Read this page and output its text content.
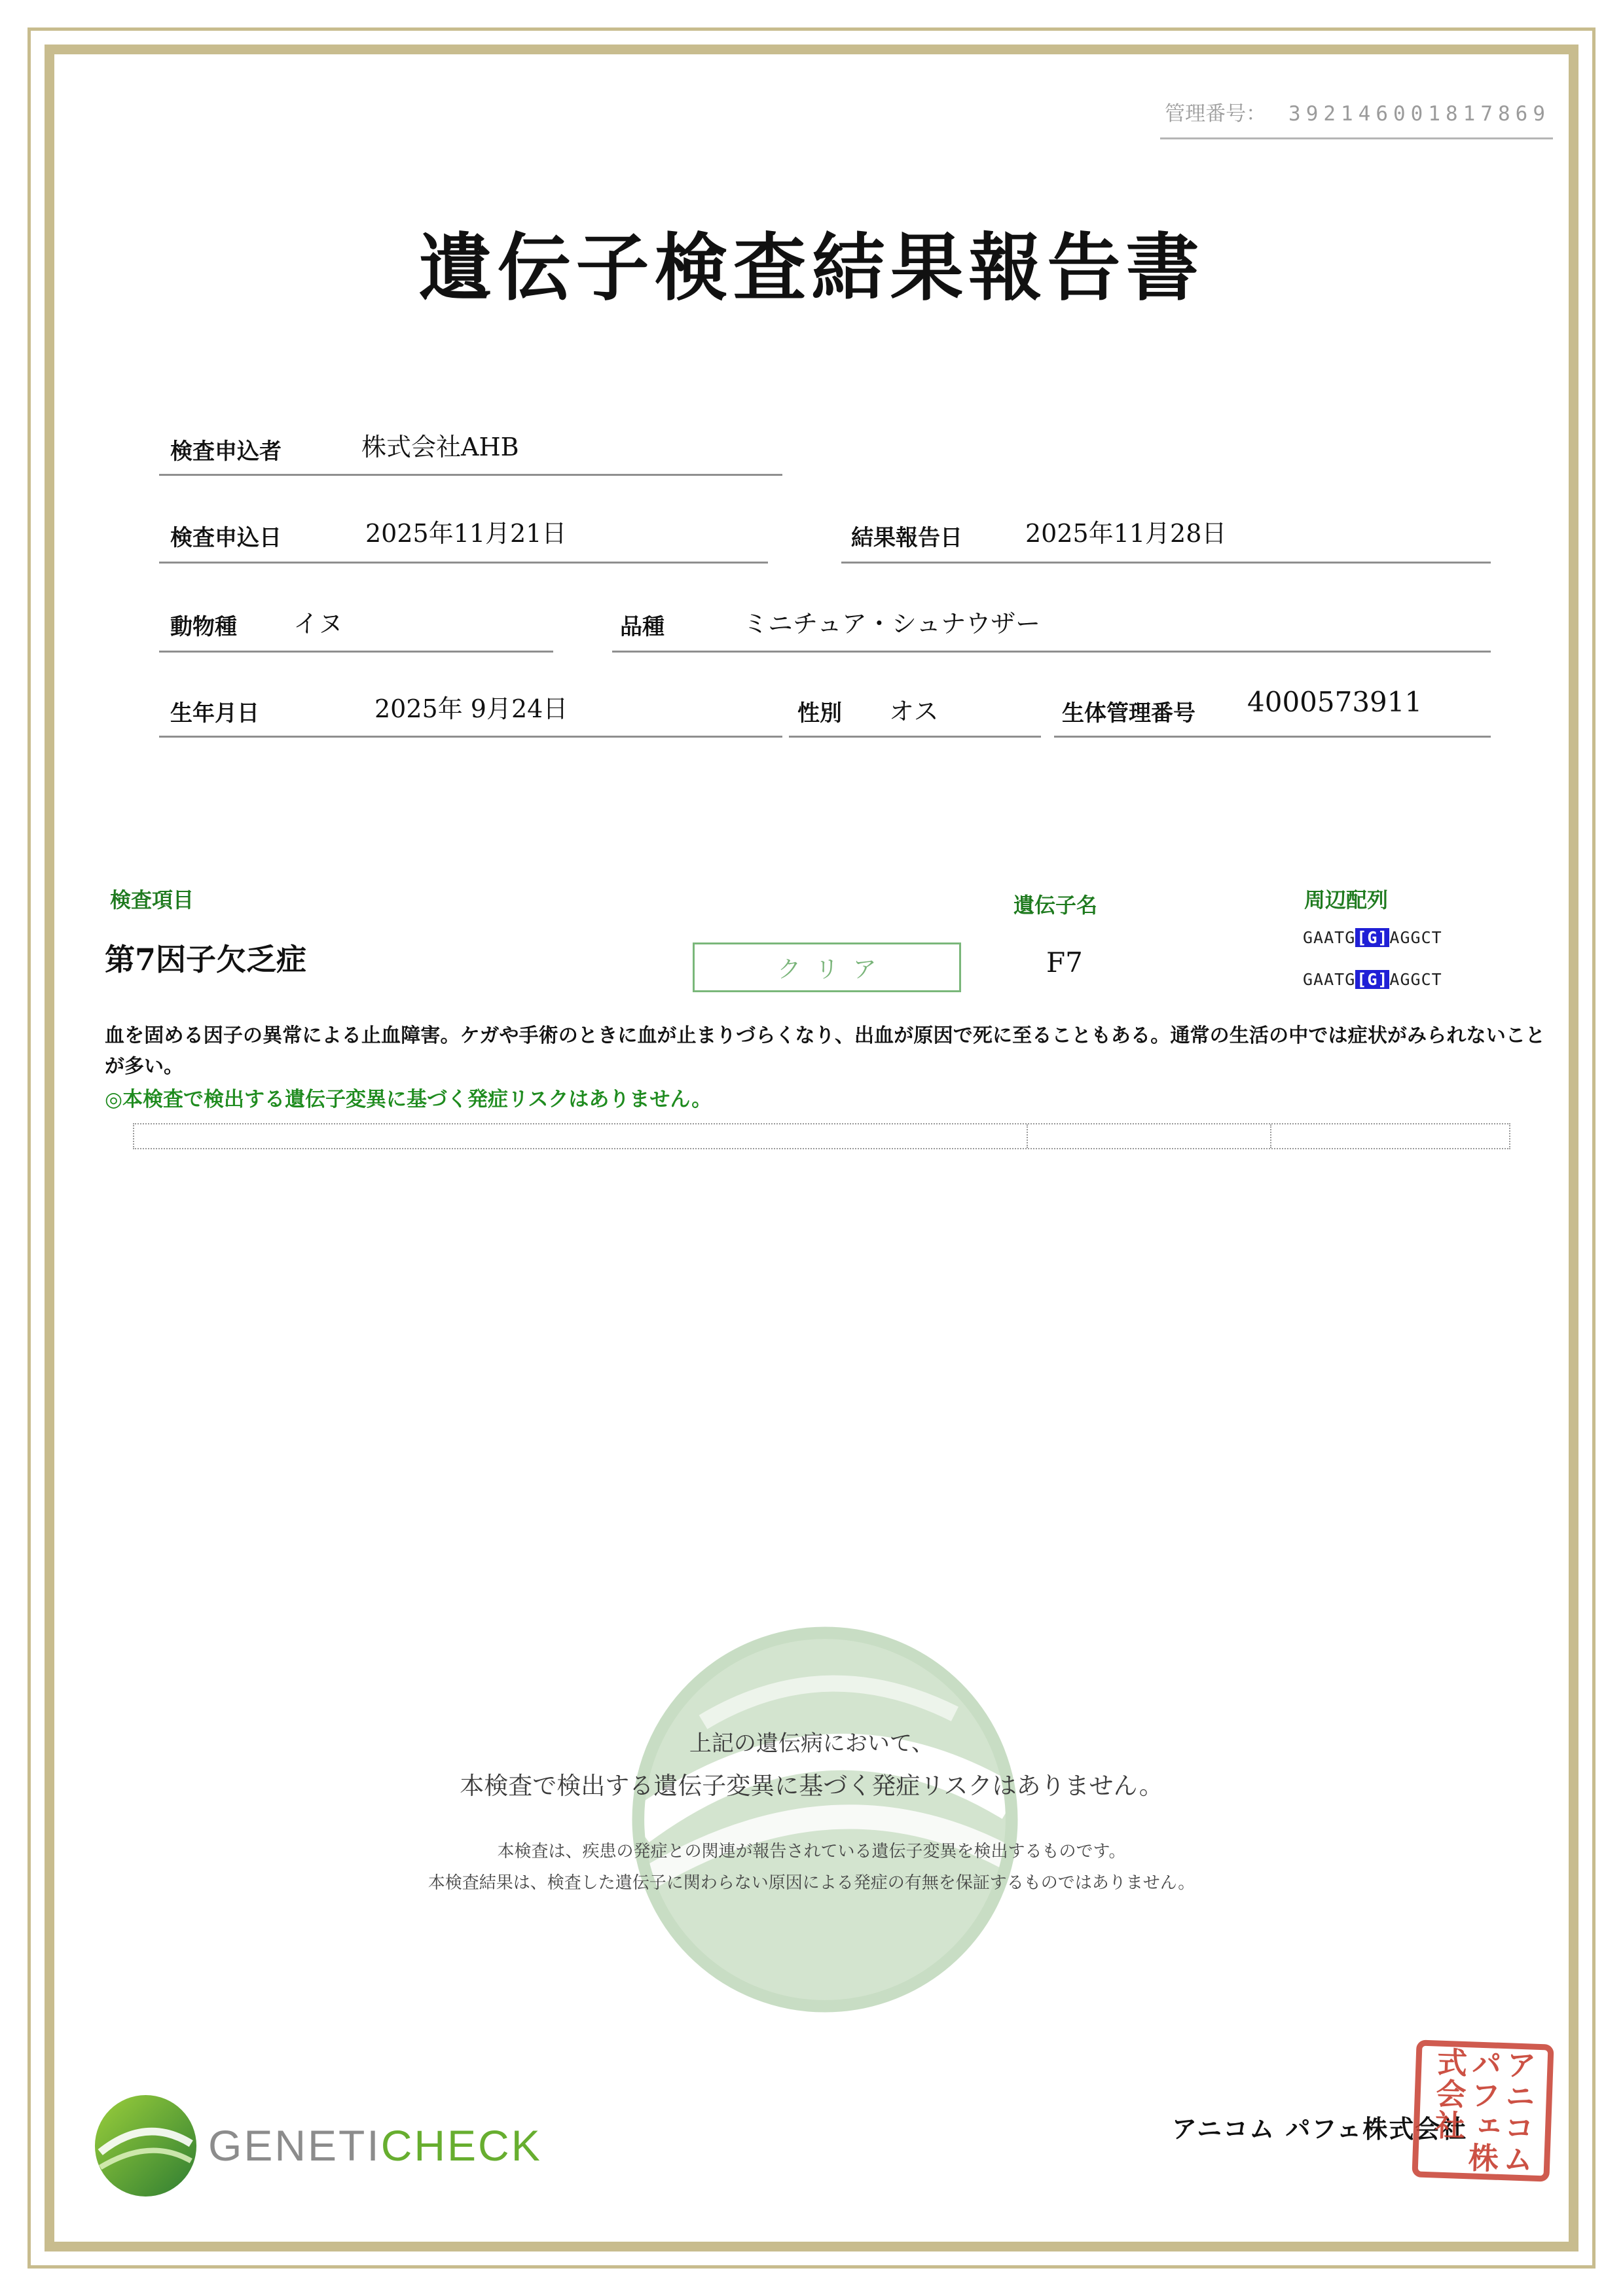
管理番号： 392146001817869
遺伝子検査結果報告書
検査申込者	株式会社AHB
検査申込日	2025年11月21日	結果報告日	2025年11月28日
動物種 イヌ	品種	ミニチュア・シュナウザー
生年月日	2025年 9月24日	性別 オス	生体管理番号 4000573911
検査項目	遺伝子名	周辺配列
第7因子欠乏症	クリア	F7
GAATG[G]AGGCT
GAATG[G]AGGCT
血を固める因子の異常による止血障害。ケガや手術のときに血が止まりづらくなり、出血が原因で死に至ることもある。通常の生活の中では症状がみられないことが多い。
◎本検査で検出する遺伝子変異に基づく発症リスクはありません。
上記の遺伝病において、
本検査で検出する遺伝子変異に基づく発症リスクはありません。
本検査は、疾患の発症との関連が報告されている遺伝子変異を検出するものです。
本検査結果は、検査した遺伝子に関わらない原因による発症の有無を保証するものではありません。
GENETICHECK	アニコム パフェ株式会社	アニコムパフェ株式会社
